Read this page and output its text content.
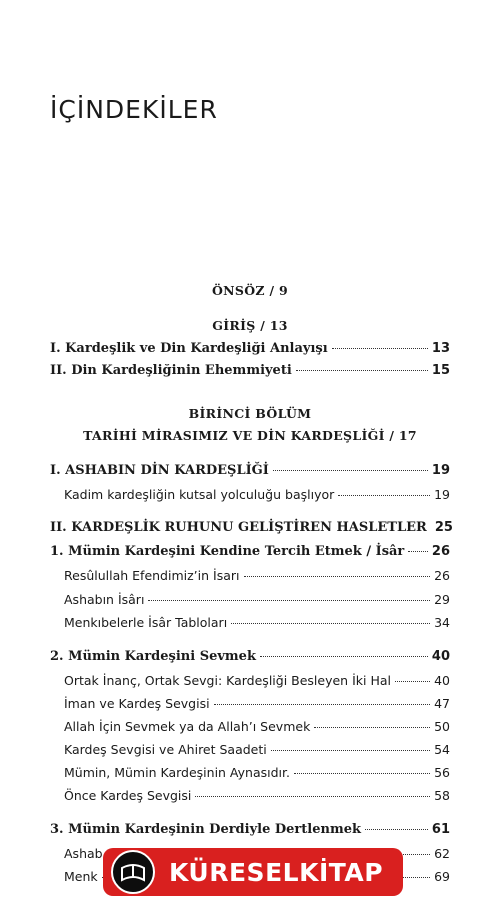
İÇİNDEKİLER
ÖNSÖZ / 9
GİRİŞ / 13
I. Kardeşlik ve Din Kardeşliği Anlayışı	13
II. Din Kardeşliğinin Ehemmiyeti	15
BİRİNCİ BÖLÜM
TARİHİ MİRASIMIZ VE DİN KARDEŞLİĞİ / 17
I. ASHABIN DİN KARDEŞLİĞİ	19
Kadim kardeşliğin kutsal yolculuğu başlıyor	19
II. KARDEŞLİK RUHUNU GELİŞTİREN HASLETLER 25
1. Mümin Kardeşini Kendine Tercih Etmek / İsâr 26
Resûlullah Efendimiz’in İsarı	26
Ashabın İsârı	29
Menkıbelerle İsâr Tabloları	34
2. Mümin Kardeşini Sevmek	40
Ortak İnanç, Ortak Sevgi: Kardeşliği Besleyen İki Hal	40
İman ve Kardeş Sevgisi	47
Allah İçin Sevmek ya da Allah’ı Sevmek	50
Kardeş Sevgisi ve Ahiret Saadeti	54
Mümin, Mümin Kardeşinin Aynasıdır.	56
Önce Kardeş Sevgisi	58
3. Mümin Kardeşinin Derdiyle Dertlenmek	61
Ashab	62
Menk	69
KÜRESELKİTAP
